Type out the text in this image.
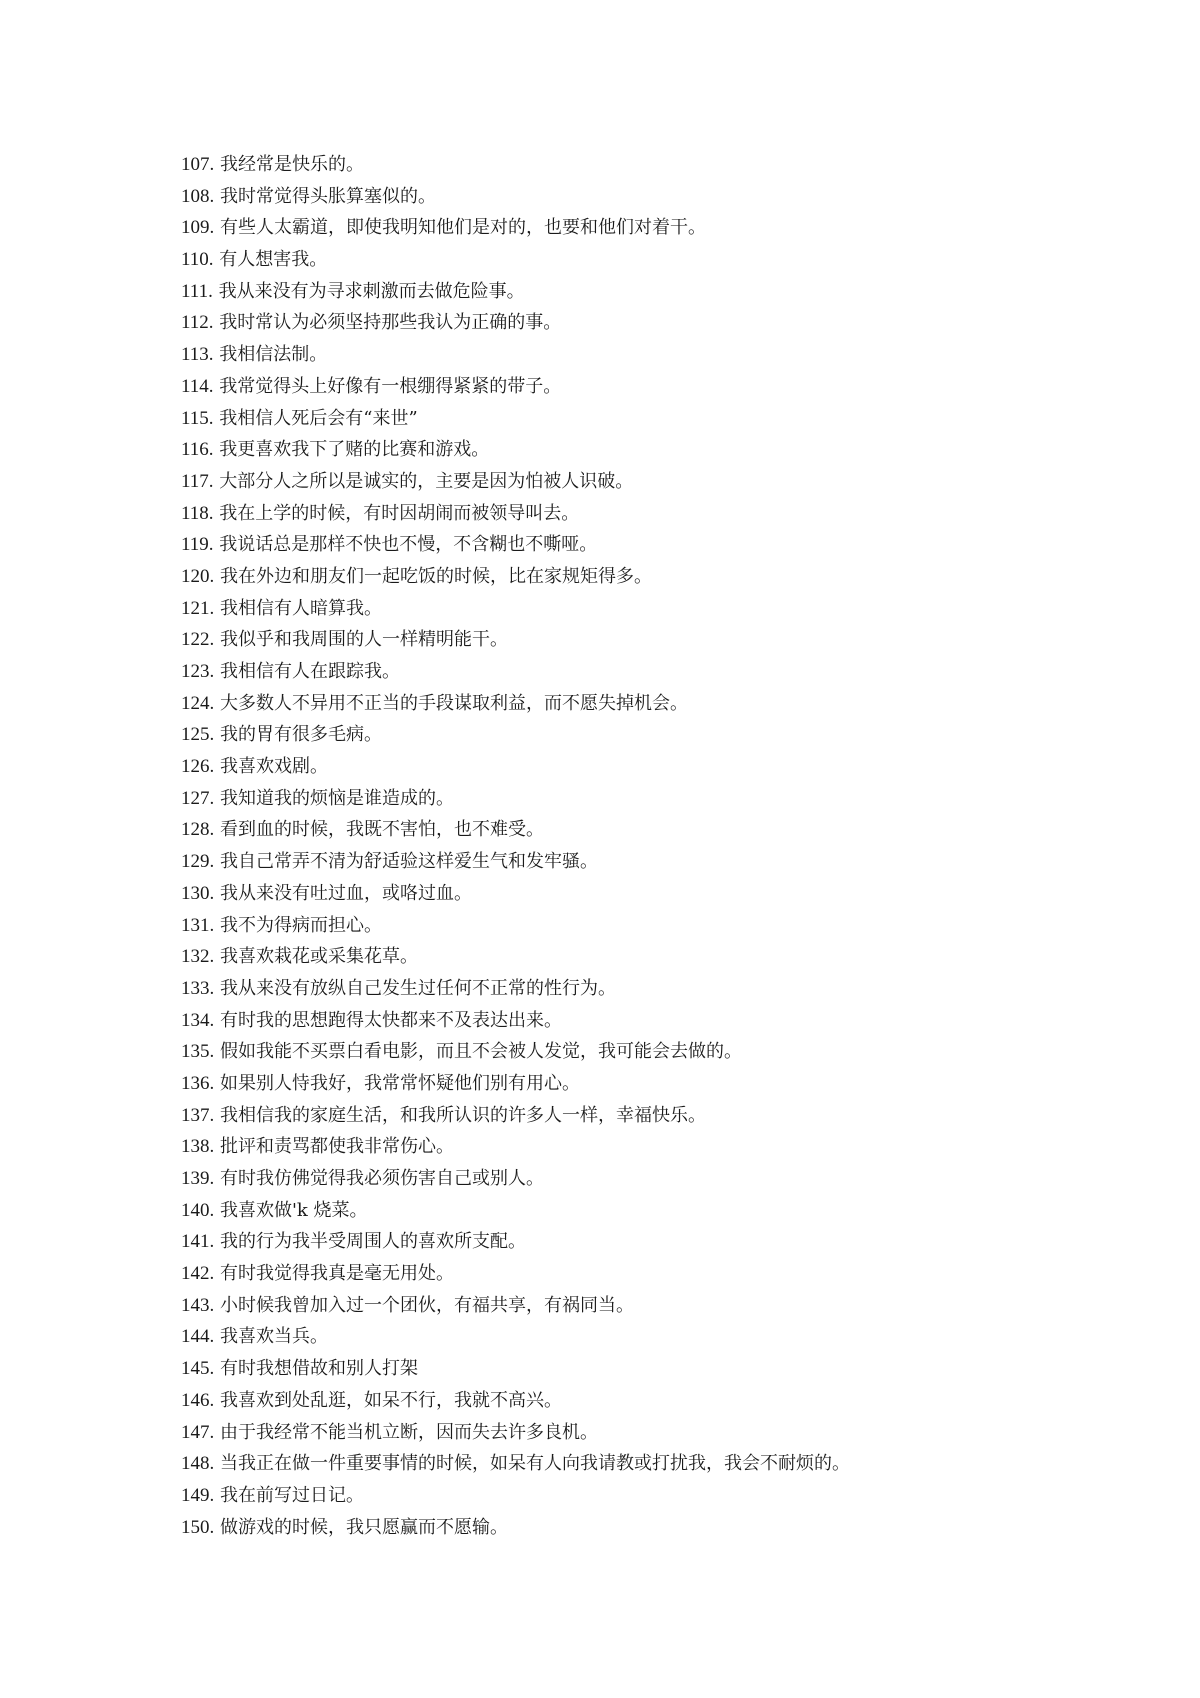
107. 我经常是快乐的。
108. 我时常觉得头胀算塞似的。
109. 有些人太霸道，即使我明知他们是对的，也要和他们对着干。
110. 有人想害我。
111. 我从来没有为寻求刺激而去做危险事。
112. 我时常认为必须坚持那些我认为正确的事。
113. 我相信法制。
114. 我常觉得头上好像有一根绷得紧紧的带子。
115. 我相信人死后会有“来世”
116. 我更喜欢我下了赌的比赛和游戏。
117. 大部分人之所以是诚实的，主要是因为怕被人识破。
118. 我在上学的时候，有时因胡闹而被领导叫去。
119. 我说话总是那样不快也不慢，不含糊也不嘶哑。
120. 我在外边和朋友们一起吃饭的时候，比在家规矩得多。
121. 我相信有人暗算我。
122. 我似乎和我周围的人一样精明能干。
123. 我相信有人在跟踪我。
124. 大多数人不异用不正当的手段谋取利益，而不愿失掉机会。
125. 我的胃有很多毛病。
126. 我喜欢戏剧。
127. 我知道我的烦恼是谁造成的。
128. 看到血的时候，我既不害怕，也不难受。
129. 我自己常弄不清为舒适验这样爱生气和发牢骚。
130. 我从来没有吐过血，或咯过血。
131. 我不为得病而担心。
132. 我喜欢栽花或采集花草。
133. 我从来没有放纵自己发生过任何不正常的性行为。
134. 有时我的思想跑得太快都来不及表达出来。
135. 假如我能不买票白看电影，而且不会被人发觉，我可能会去做的。
136. 如果别人恃我好，我常常怀疑他们别有用心。
137. 我相信我的家庭生活，和我所认识的许多人一样，幸福快乐。
138. 批评和责骂都使我非常伤心。
139. 有时我仿佛觉得我必须伤害自己或别人。
140. 我喜欢做'k 烧菜。
141. 我的行为我半受周围人的喜欢所支配。
142. 有时我觉得我真是毫无用处。
143. 小时候我曾加入过一个团伙，有福共享，有祸同当。
144. 我喜欢当兵。
145. 有时我想借故和别人打架
146. 我喜欢到处乱逛，如呆不行，我就不高兴。
147. 由于我经常不能当机立断，因而失去许多良机。
148. 当我正在做一件重要事情的时候，如呆有人向我请教或打扰我，我会不耐烦的。
149. 我在前写过日记。
150. 做游戏的时候，我只愿赢而不愿输。
